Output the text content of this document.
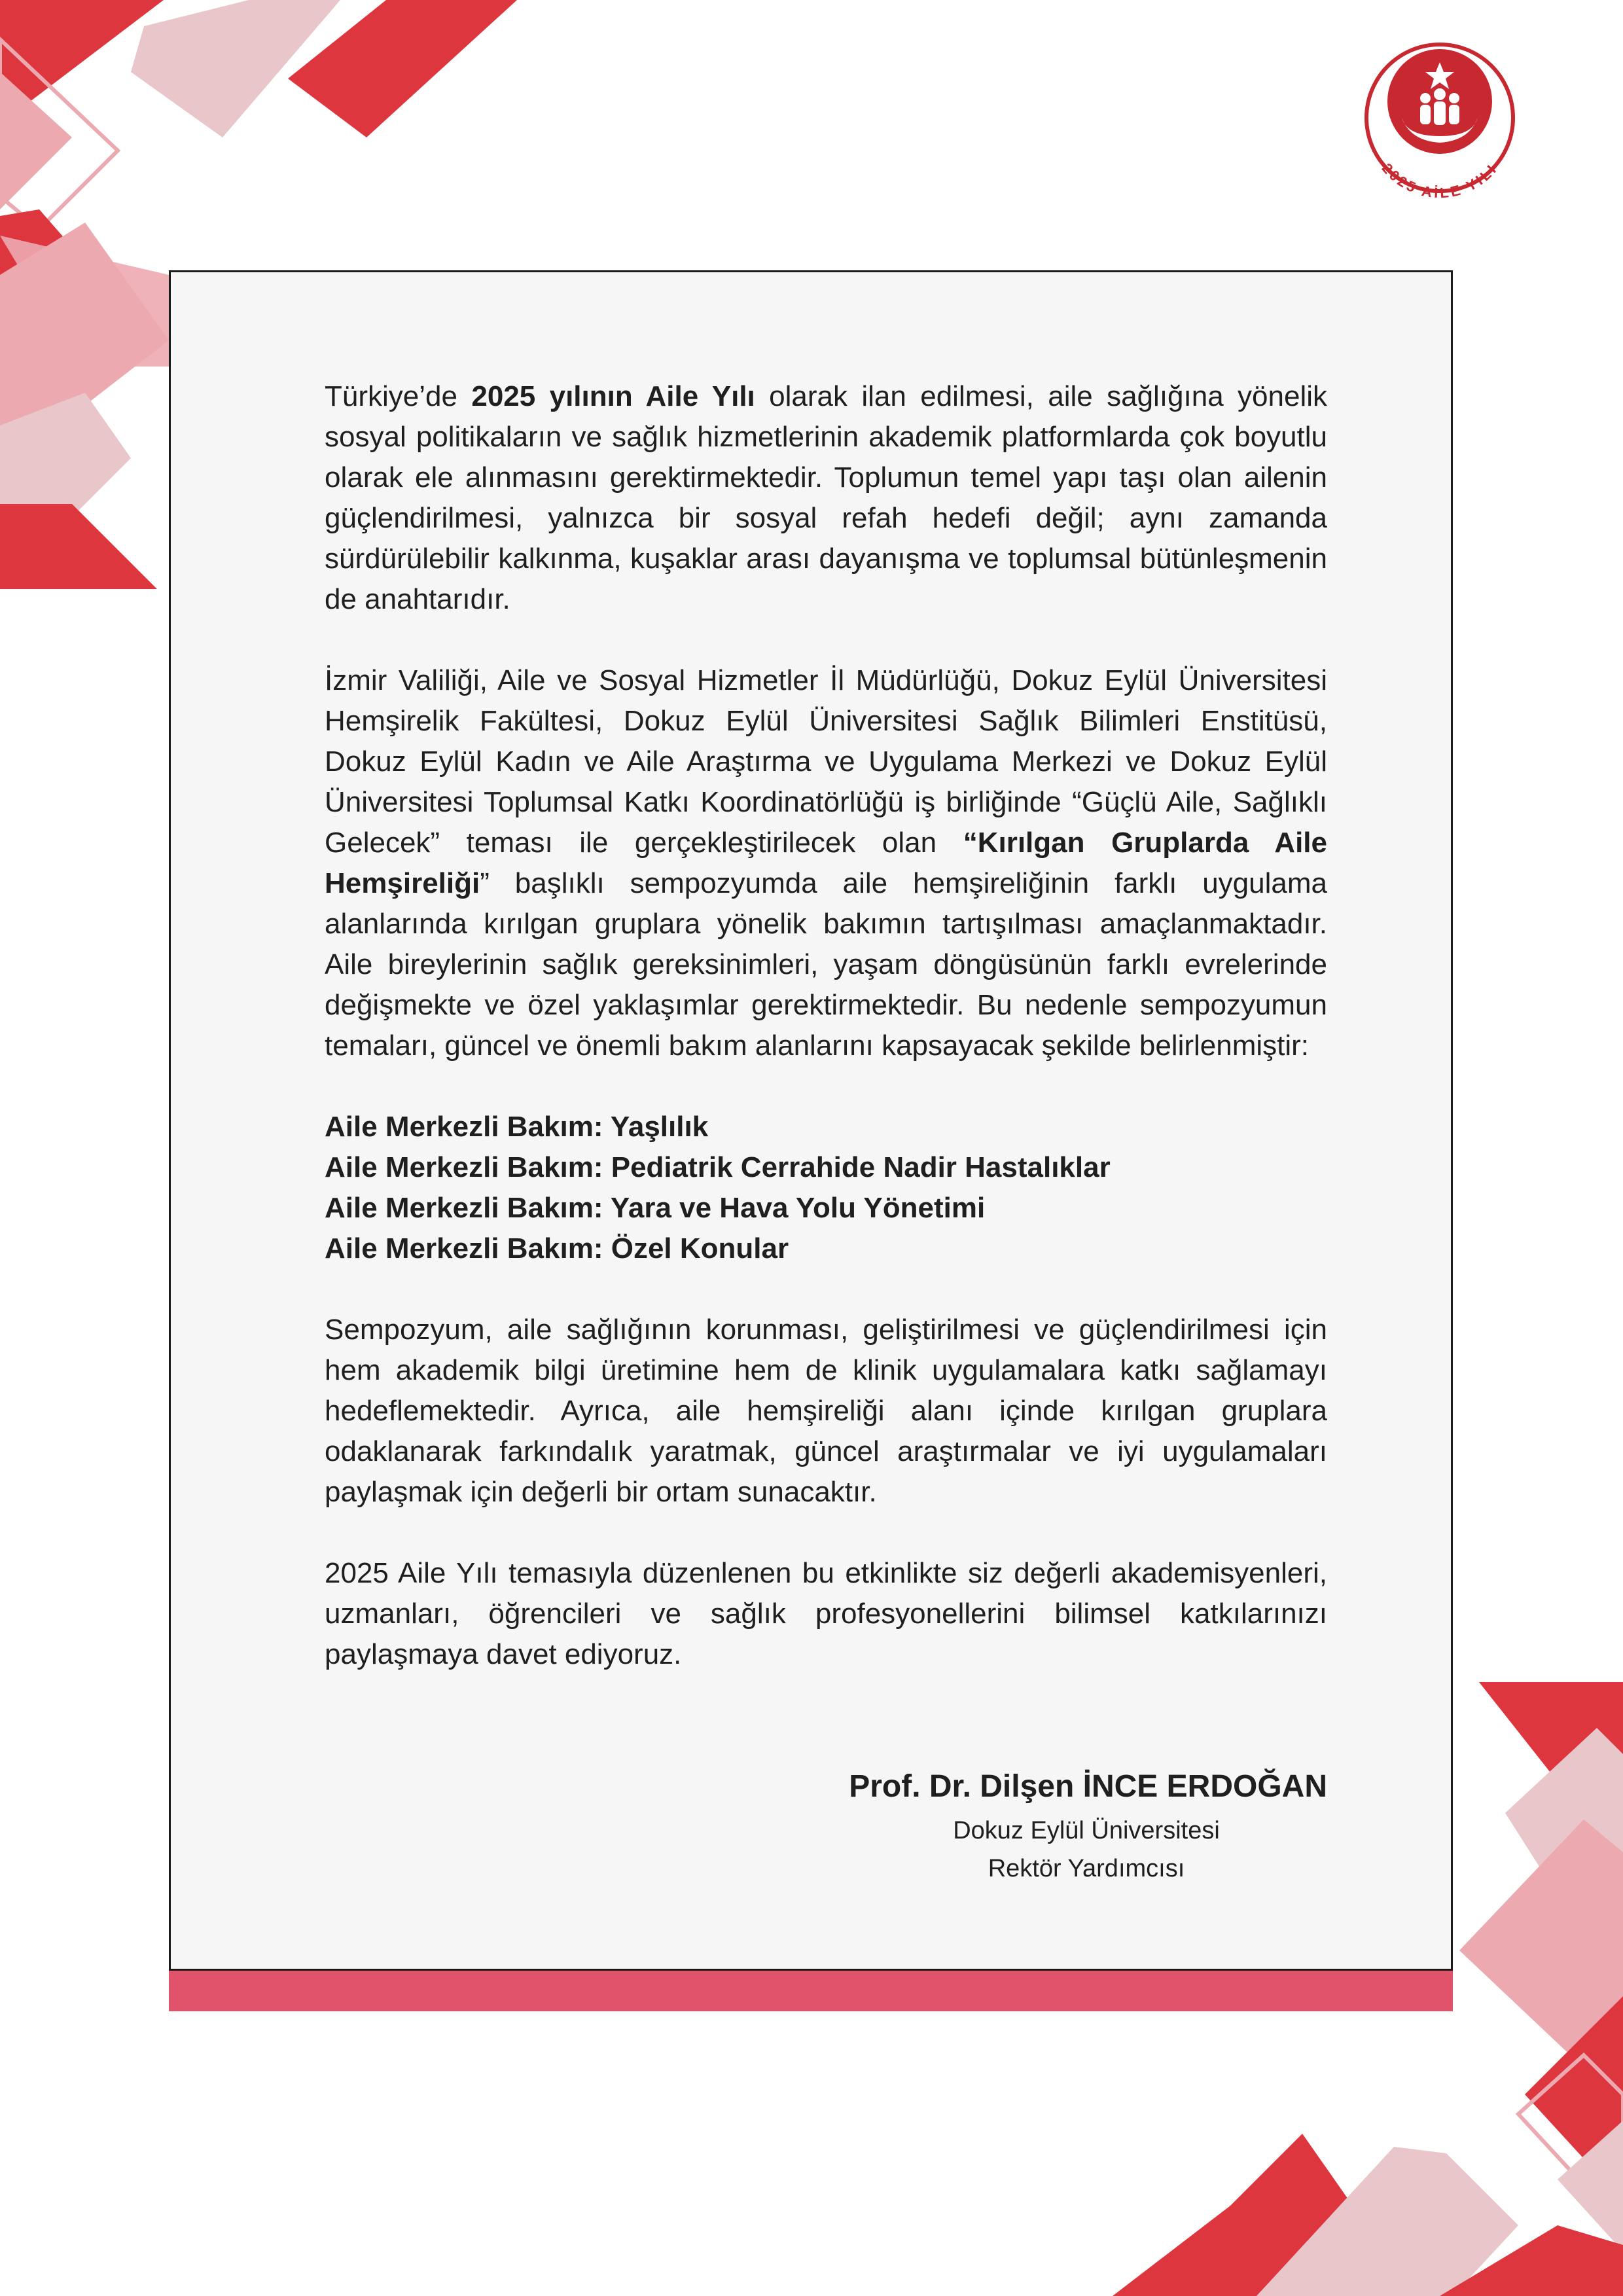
2025 AİLE YILI

Türkiye’de 2025 yılının Aile Yılı olarak ilan edilmesi, aile sağlığına yönelik sosyal politikaların ve sağlık hizmetlerinin akademik platformlarda çok boyutlu olarak ele alınmasını gerektirmektedir. Toplumun temel yapı taşı olan ailenin güçlendirilmesi, yalnızca bir sosyal refah hedefi değil; aynı zamanda sürdürülebilir kalkınma, kuşaklar arası dayanışma ve toplumsal bütünleşmenin de anahtarıdır.

İzmir Valiliği, Aile ve Sosyal Hizmetler İl Müdürlüğü, Dokuz Eylül Üniversitesi Hemşirelik Fakültesi, Dokuz Eylül Üniversitesi Sağlık Bilimleri Enstitüsü, Dokuz Eylül Kadın ve Aile Araştırma ve Uygulama Merkezi ve Dokuz Eylül Üniversitesi Toplumsal Katkı Koordinatörlüğü iş birliğinde “Güçlü Aile, Sağlıklı Gelecek” teması ile gerçekleştirilecek olan “Kırılgan Gruplarda Aile Hemşireliği” başlıklı sempozyumda aile hemşireliğinin farklı uygulama alanlarında kırılgan gruplara yönelik bakımın tartışılması amaçlanmaktadır. Aile bireylerinin sağlık gereksinimleri, yaşam döngüsünün farklı evrelerinde değişmekte ve özel yaklaşımlar gerektirmektedir. Bu nedenle sempozyumun temaları, güncel ve önemli bakım alanlarını kapsayacak şekilde belirlenmiştir:

Aile Merkezli Bakım: Yaşlılık
Aile Merkezli Bakım: Pediatrik Cerrahide Nadir Hastalıklar
Aile Merkezli Bakım: Yara ve Hava Yolu Yönetimi
Aile Merkezli Bakım: Özel Konular

Sempozyum, aile sağlığının korunması, geliştirilmesi ve güçlendirilmesi için hem akademik bilgi üretimine hem de klinik uygulamalara katkı sağlamayı hedeflemektedir. Ayrıca, aile hemşireliği alanı içinde kırılgan gruplara odaklanarak farkındalık yaratmak, güncel araştırmalar ve iyi uygulamaları paylaşmak için değerli bir ortam sunacaktır.

2025 Aile Yılı temasıyla düzenlenen bu etkinlikte siz değerli akademisyenleri, uzmanları, öğrencileri ve sağlık profesyonellerini bilimsel katkılarınızı paylaşmaya davet ediyoruz.

Prof. Dr. Dilşen İNCE ERDOĞAN
Dokuz Eylül Üniversitesi
Rektör Yardımcısı
